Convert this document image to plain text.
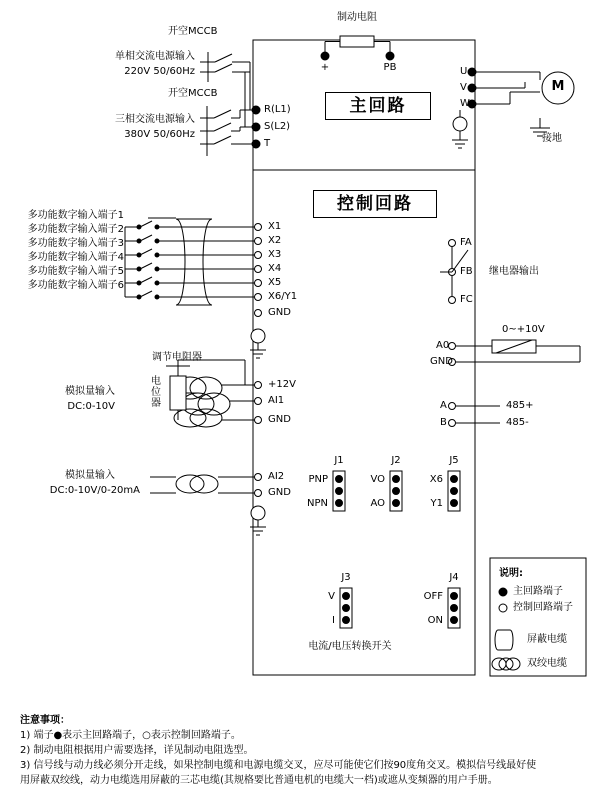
主回路
控制回路
制动电阻
+	PB
开空MCCB
单相交流电源输入
220V 50/60Hz
开空MCCB
三相交流电源输入
380V 50/60Hz
R(L1)
S(L2)
T
U
V
W
M
接地
多功能数字输入端子1
多功能数字输入端子2
多功能数字输入端子3
多功能数字输入端子4
多功能数字输入端子5
多功能数字输入端子6
X1
X2
X3
X4
X5
X6/Y1
GND
调节电阻器
电位器
模拟量输入
DC:0-10V
+12V
AI1
GND
模拟量输入
DC:0-10V/0-20mA
AI2
GND
FA
FB
FC
继电器输出
0~+10V
A0
GND
A
B
485+
485-
J1
PNP
NPN
J2
VO
AO
J5
X6
Y1
J3
V
I
J4
OFF
ON
电流/电压转换开关
说明:
主回路端子
控制回路端子
屏蔽电缆
双绞电缆
注意事项：
1) 端子●表示主回路端子，○表示控制回路端子。
2) 制动电阻根据用户需要选择，详见制动电阻选型。
3) 信号线与动力线必须分开走线，如果控制电缆和电源电缆交叉，应尽可能使它们按90度角交叉。模拟信号线最好使
用屏蔽双绞线，动力电缆选用屏蔽的三芯电缆(其规格要比普通电机的电缆大一档)或遮从变频器的用户手册。
